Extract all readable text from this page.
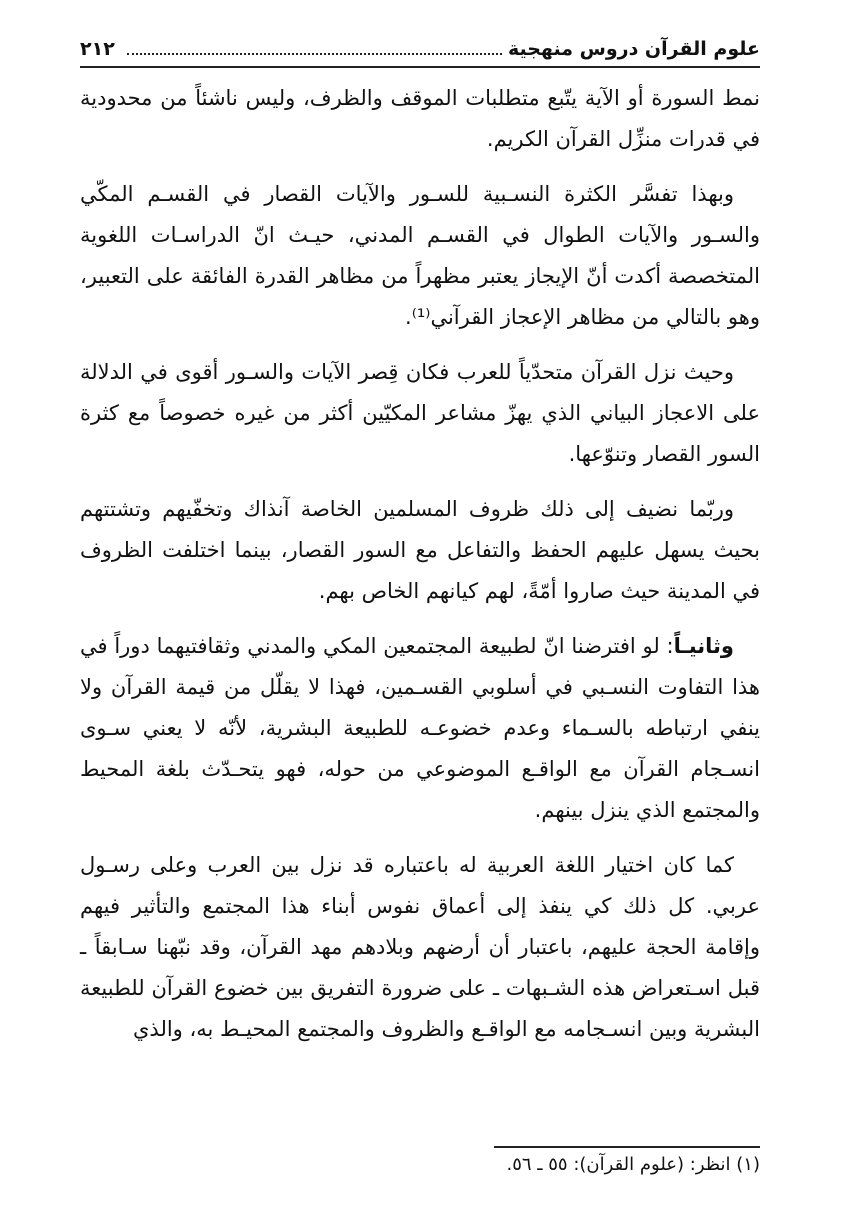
علوم القرآن دروس منهجية
٢١٢

نمط السورة أو الآية يتّبع متطلبات الموقف والظرف، وليس ناشئاً من محدودية في قدرات منزِّل القرآن الكريم.

وبهذا تفسَّر الكثرة النسـبية للسـور والآيات القصار في القسـم المكّي والسـور والآيات الطوال في القسـم المدني، حيـث انّ الدراسـات اللغوية المتخصصة أكدت أنّ الإيجاز يعتبر مظهراً من مظاهر القدرة الفائقة على التعبير، وهو بالتالي من مظاهر الإعجاز القرآني⁽¹⁾.

وحيث نزل القرآن متحدّياً للعرب فكان قِصر الآيات والسـور أقوى في الدلالة على الاعجاز البياني الذي يهزّ مشاعر المكيّين أكثر من غيره خصوصاً مع كثرة السور القصار وتنوّعها.

وربّما نضيف إلى ذلك ظروف المسلمين الخاصة آنذاك وتخفّيهم وتشتتهم بحيث يسهل عليهم الحفظ والتفاعل مع السور القصار، بينما اختلفت الظروف في المدينة حيث صاروا أمّةً، لهم كيانهم الخاص بهم.

وثانيـاً: لو افترضنا انّ لطبيعة المجتمعين المكي والمدني وثقافتيهما دوراً في هذا التفاوت النسـبي في أسلوبي القسـمين، فهذا لا يقلّل من قيمة القرآن ولا ينفي ارتباطه بالسـماء وعدم خضوعـه للطبيعة البشرية، لأنّه لا يعني سـوى انسـجام القرآن مع الواقـع الموضوعي من حوله، فهو يتحـدّث بلغة المحيط والمجتمع الذي ينزل بينهم.

كما كان اختيار اللغة العربية له باعتباره قد نزل بين العرب وعلى رسـول عربي. كل ذلك كي ينفذ إلى أعماق نفوس أبناء هذا المجتمع والتأثير فيهم وإقامة الحجة عليهم، باعتبار أن أرضهم وبلادهم مهد القرآن، وقد نبّهنا سـابقاً ـ قبل اسـتعراض هذه الشـبهات ـ على ضرورة التفريق بين خضوع القرآن للطبيعة البشرية وبين انسـجامه مع الواقـع والظروف والمجتمع المحيـط به، والذي

(١) انظر: (علوم القرآن): ٥٥ ـ ٥٦.
